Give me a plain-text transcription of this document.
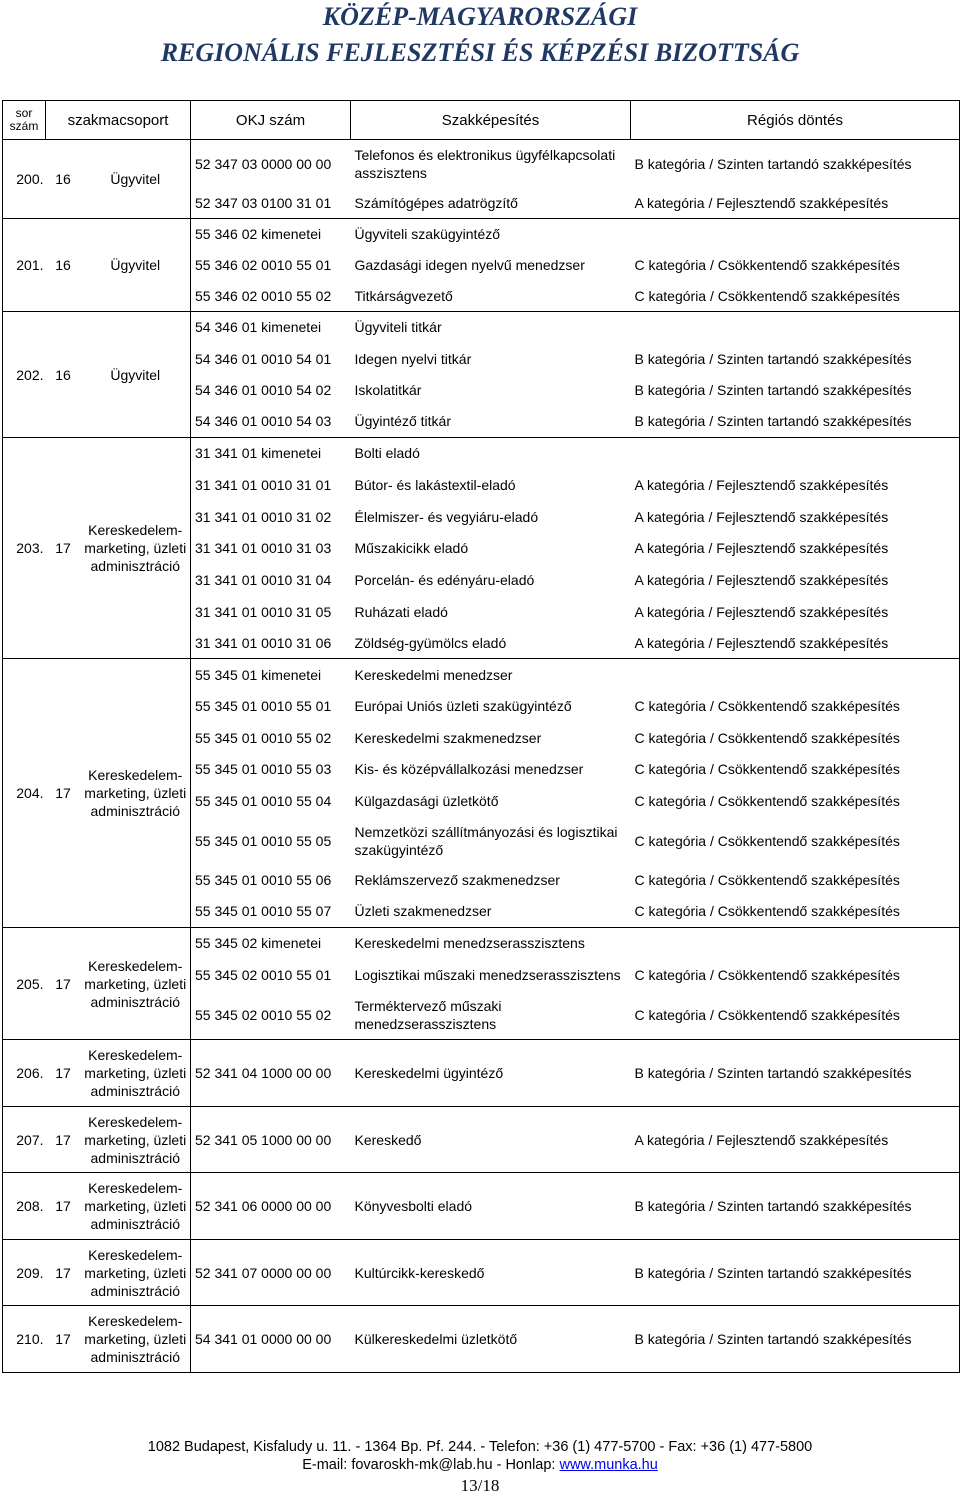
KÖZÉP-MAGYARORSZÁGI
REGIONÁLIS FEJLESZTÉSI ÉS KÉPZÉSI BIZOTTSÁG
sor szám	szakmacsoport		OKJ szám	Szakképesítés	Régiós döntés
200.	16	Ügyvitel	52 347 03 0000 00 00	Telefonos és elektronikus ügyfélkapcsolati asszisztens	B kategória / Szinten tartandó szakképesítés
			52 347 03 0100 31 01	Számítógépes adatrögzítő	A kategória / Fejlesztendő szakképesítés
201.	16	Ügyvitel	55 346 02 kimenetei	Ügyviteli szakügyintéző	
			55 346 02 0010 55 01	Gazdasági idegen nyelvű menedzser	C kategória / Csökkentendő szakképesítés
			55 346 02 0010 55 02	Titkárságvezető	C kategória / Csökkentendő szakképesítés
202.	16	Ügyvitel	54 346 01 kimenetei	Ügyviteli titkár	
			54 346 01 0010 54 01	Idegen nyelvi titkár	B kategória / Szinten tartandó szakképesítés
			54 346 01 0010 54 02	Iskolatitkár	B kategória / Szinten tartandó szakképesítés
			54 346 01 0010 54 03	Ügyintéző titkár	B kategória / Szinten tartandó szakképesítés
203.	17	Kereskedelem-marketing, üzleti adminisztráció	31 341 01 kimenetei	Bolti eladó	
			31 341 01 0010 31 01	Bútor- és lakástextil-eladó	A kategória / Fejlesztendő szakképesítés
			31 341 01 0010 31 02	Élelmiszer- és vegyiáru-eladó	A kategória / Fejlesztendő szakképesítés
			31 341 01 0010 31 03	Műszakicikk eladó	A kategória / Fejlesztendő szakképesítés
			31 341 01 0010 31 04	Porcelán- és edényáru-eladó	A kategória / Fejlesztendő szakképesítés
			31 341 01 0010 31 05	Ruházati eladó	A kategória / Fejlesztendő szakképesítés
			31 341 01 0010 31 06	Zöldség-gyümölcs eladó	A kategória / Fejlesztendő szakképesítés
204.	17	Kereskedelem-marketing, üzleti adminisztráció	55 345 01 kimenetei	Kereskedelmi menedzser	
			55 345 01 0010 55 01	Európai Uniós üzleti szakügyintéző	C kategória / Csökkentendő szakképesítés
			55 345 01 0010 55 02	Kereskedelmi szakmenedzser	C kategória / Csökkentendő szakképesítés
			55 345 01 0010 55 03	Kis- és középvállalkozási menedzser	C kategória / Csökkentendő szakképesítés
			55 345 01 0010 55 04	Külgazdasági üzletkötő	C kategória / Csökkentendő szakképesítés
			55 345 01 0010 55 05	Nemzetközi szállítmányozási és logisztikai szakügyintéző	C kategória / Csökkentendő szakképesítés
			55 345 01 0010 55 06	Reklámszervező szakmenedzser	C kategória / Csökkentendő szakképesítés
			55 345 01 0010 55 07	Üzleti szakmenedzser	C kategória / Csökkentendő szakképesítés
205.	17	Kereskedelem-marketing, üzleti adminisztráció	55 345 02 kimenetei	Kereskedelmi menedzserasszisztens	
			55 345 02 0010 55 01	Logisztikai műszaki menedzserasszisztens	C kategória / Csökkentendő szakképesítés
			55 345 02 0010 55 02	Terméktervező műszaki menedzserasszisztens	C kategória / Csökkentendő szakképesítés
206.	17	Kereskedelem-marketing, üzleti adminisztráció	52 341 04 1000 00 00	Kereskedelmi ügyintéző	B kategória / Szinten tartandó szakképesítés
207.	17	Kereskedelem-marketing, üzleti adminisztráció	52 341 05 1000 00 00	Kereskedő	A kategória / Fejlesztendő szakképesítés
208.	17	Kereskedelem-marketing, üzleti adminisztráció	52 341 06 0000 00 00	Könyvesbolti eladó	B kategória / Szinten tartandó szakképesítés
209.	17	Kereskedelem-marketing, üzleti adminisztráció	52 341 07 0000 00 00	Kultúrcikk-kereskedő	B kategória / Szinten tartandó szakképesítés
210.	17	Kereskedelem-marketing, üzleti adminisztráció	54 341 01 0000 00 00	Külkereskedelmi üzletkötő	B kategória / Szinten tartandó szakképesítés
1082 Budapest, Kisfaludy u. 11. - 1364 Bp. Pf. 244. - Telefon: +36 (1) 477-5700 - Fax: +36 (1) 477-5800
E-mail: fovaroskh-mk@lab.hu - Honlap: www.munka.hu
13/18
